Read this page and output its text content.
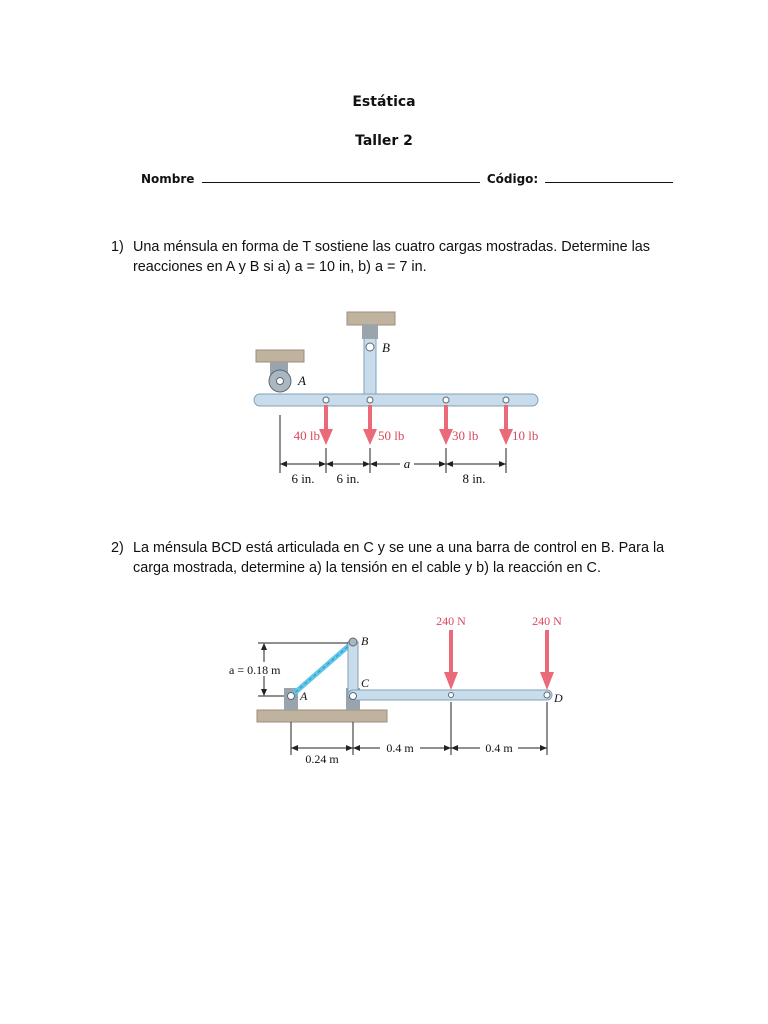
Estática
Taller 2
Nombre	Código:
1) Una ménsula en forma de T sostiene las cuatro cargas mostradas. Determine las reacciones en A y B si a) a = 10 in, b) a = 7 in.
40 lb	50 lb	30 lb	10 lb
A
B
6 in. 6 in.
a
8 in.
2) La ménsula BCD está articulada en C y se une a una barra de control en B. Para la carga mostrada, determine a) la tensión en el cable y b) la reacción en C.
240 N	240 N
A
B
C
D
a = 0.18 m
0.24 m
0.4 m	0.4 m
